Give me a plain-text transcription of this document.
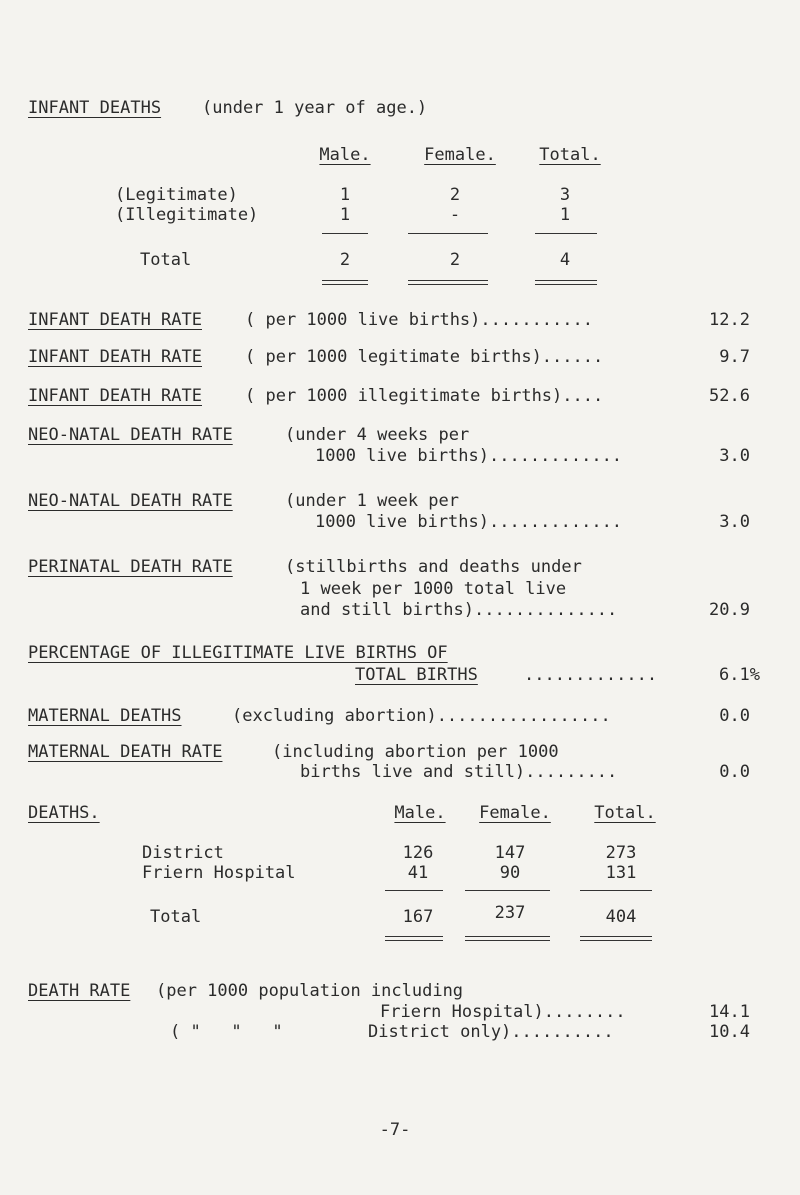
INFANT DEATHS (under 1 year of age.)
Male.	Female.	Total.
(Legitimate)	1	2	3
(Illegitimate)	1	-	1
Total	2	2	4
INFANT DEATH RATE	( per 1000 live births)...........	12.2
INFANT DEATH RATE	( per 1000 legitimate births)......	9.7
INFANT DEATH RATE	( per 1000 illegitimate births)....	52.6
NEO-NATAL DEATH RATE	(under 4 weeks per
1000 live births).............	3.0
NEO-NATAL DEATH RATE	(under 1 week per
1000 live births).............	3.0
PERINATAL DEATH RATE	(stillbirths and deaths under
1 week per 1000 total live
and still births)..............	20.9
PERCENTAGE OF ILLEGITIMATE LIVE BIRTHS OF
TOTAL BIRTHS	.............	6.1%
MATERNAL DEATHS	(excluding abortion).................	0.0
MATERNAL DEATH RATE	(including abortion per 1000
births live and still).........	0.0
DEATHS.	Male.	Female.	Total.
District	126	147	273
Friern Hospital	41	90	131
Total	167	237	404
DEATH RATE (per 1000 population including
Friern Hospital)........	14.1
( "   "   "	District only)..........	10.4
-7-
